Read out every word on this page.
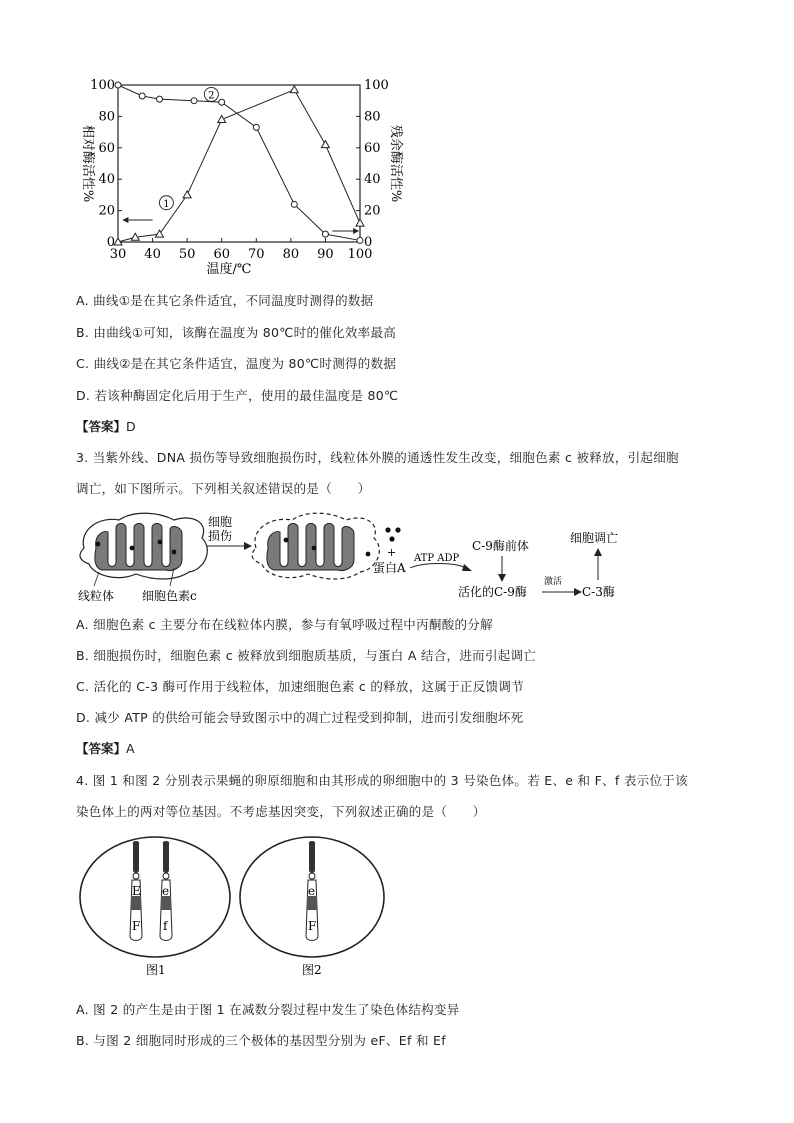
30 40 50 60 70 80 90 100
0	0
20	20
40	40
60	60
80	80
100	100
温度/℃
相对酶活性%	残余酶活性%
1
2
A. 曲线①是在其它条件适宜，不同温度时测得的数据
B. 由曲线①可知，该酶在温度为 80℃时的催化效率最高
C. 曲线②是在其它条件适宜，温度为 80℃时测得的数据
D. 若该种酶固定化后用于生产，使用的最佳温度是 80℃
【答案】D
3. 当紫外线、DNA 损伤等导致细胞损伤时，线粒体外膜的通透性发生改变，细胞色素 c 被释放，引起细胞
调亡，如下图所示。下列相关叙述错误的是（　　）
线粒体 细胞色素c
细胞
损伤
+
蛋白A
ATP ADP
C-9酶前体
活化的C-9酶
激活
C-3酶
细胞调亡
A. 细胞色素 c 主要分布在线粒体内膜，参与有氧呼吸过程中丙酮酸的分解
B. 细胞损伤时，细胞色素 c 被释放到细胞质基质，与蛋白 A 结合，进而引起调亡
C. 活化的 C-3 酶可作用于线粒体，加速细胞色素 c 的释放，这属于正反馈调节
D. 减少 ATP 的供给可能会导致图示中的凋亡过程受到抑制，进而引发细胞坏死
【答案】A
4. 图 1 和图 2 分别表示果蝇的卵原细胞和由其形成的卵细胞中的 3 号染色体。若 E、e 和 F、f 表示位于该
染色体上的两对等位基因。不考虑基因突变，下列叙述正确的是（　　）
E
F
e
f
图1
e
F
图2
A. 图 2 的产生是由于图 1 在减数分裂过程中发生了染色体结构变异
B. 与图 2 细胞同时形成的三个极体的基因型分别为 eF、Ef 和 Ef
